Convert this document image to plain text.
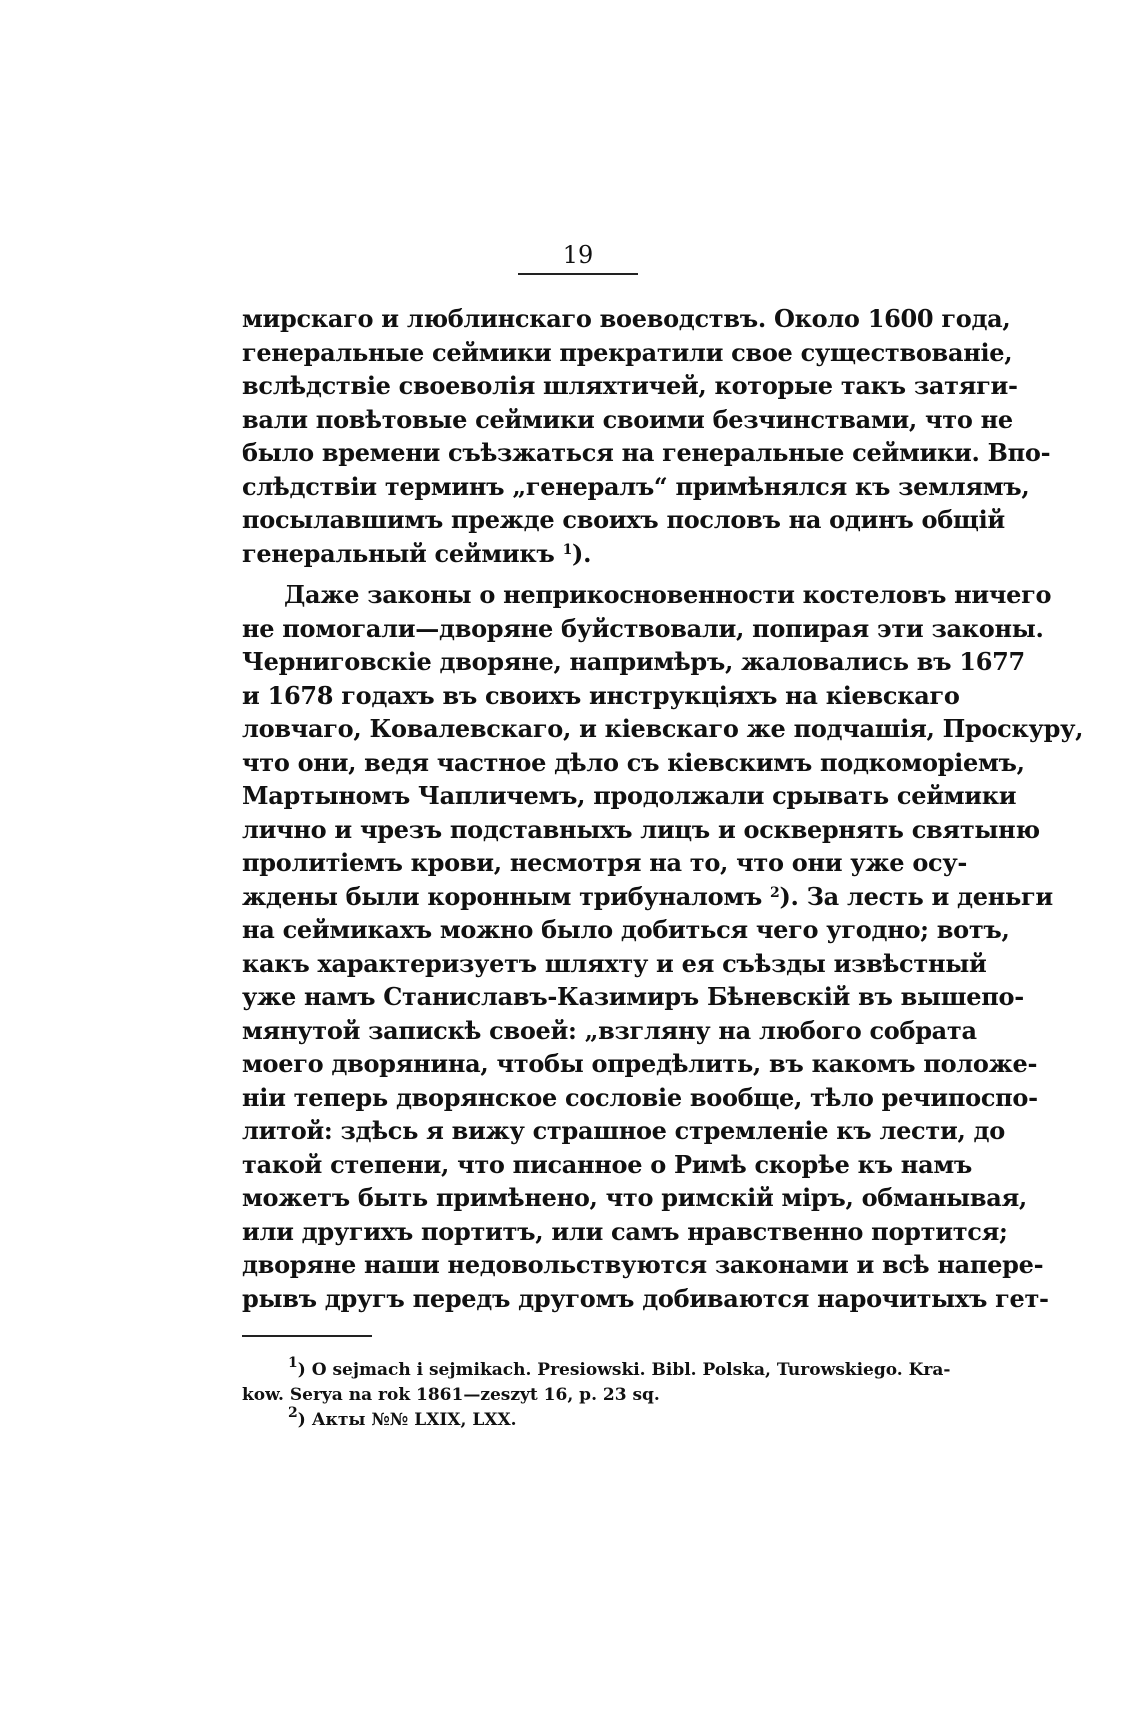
19
мирскаго и люблинскаго воеводствъ. Около 1600 года,
генеральные сеймики прекратили свое существованіе,
вслѣдствіе своеволія шляхтичей, которые такъ затяги-
вали повѣтовые сеймики своими безчинствами, что не
было времени съѣзжаться на генеральные сеймики. Впо-
слѣдствіи терминъ „генералъ“ примѣнялся къ землямъ,
посылавшимъ прежде своихъ пословъ на одинъ общій
генеральный сеймикъ $^1$).
Даже законы о неприкосновенности костеловъ ничего
не помогали—дворяне буйствовали, попирая эти законы.
Черниговскіе дворяне, напримѣръ, жаловались въ 1677
и 1678 годахъ въ своихъ инструкціяхъ на кіевскаго
ловчаго, Ковалевскаго, и кіевскаго же подчашія, Проскуру,
что они, ведя частное дѣло съ кіевскимъ подкоморіемъ,
Мартыномъ Чапличемъ, продолжали срывать сеймики
лично и чрезъ подставныхъ лицъ и осквернять святыню
пролитіемъ крови, несмотря на то, что они уже осу-
ждены были коронным трибуналомъ $^2$). За лесть и деньги
на сеймикахъ можно было добиться чего угодно; вотъ,
какъ характеризуетъ шляхту и ея съѣзды извѣстный
уже намъ Станиславъ-Казимиръ Бѣневскій въ вышепо-
мянутой запискѣ своей: „взгляну на любого собрата
моего дворянина, чтобы опредѣлить, въ какомъ положе-
ніи теперь дворянское сословіе вообще, тѣло речипоспо-
литой: здѣсь я вижу страшное стремленіе къ лести, до
такой степени, что писанное о Римѣ скорѣе къ намъ
можетъ быть примѣнено, что римскій міръ, обманывая,
или другихъ портитъ, или самъ нравственно портится;
дворяне наши недовольствуются законами и всѣ напере-
рывъ другъ передъ другомъ добиваются нарочитыхъ гет-
$^1$) O sejmach i sejmikach. Presiowski. Bibl. Polska, Turowskiego. Kra-
kow. Serya na rok 1861—zeszyt 16, p. 23 sq.
$^2$) Акты №№ LXIX, LXX.
